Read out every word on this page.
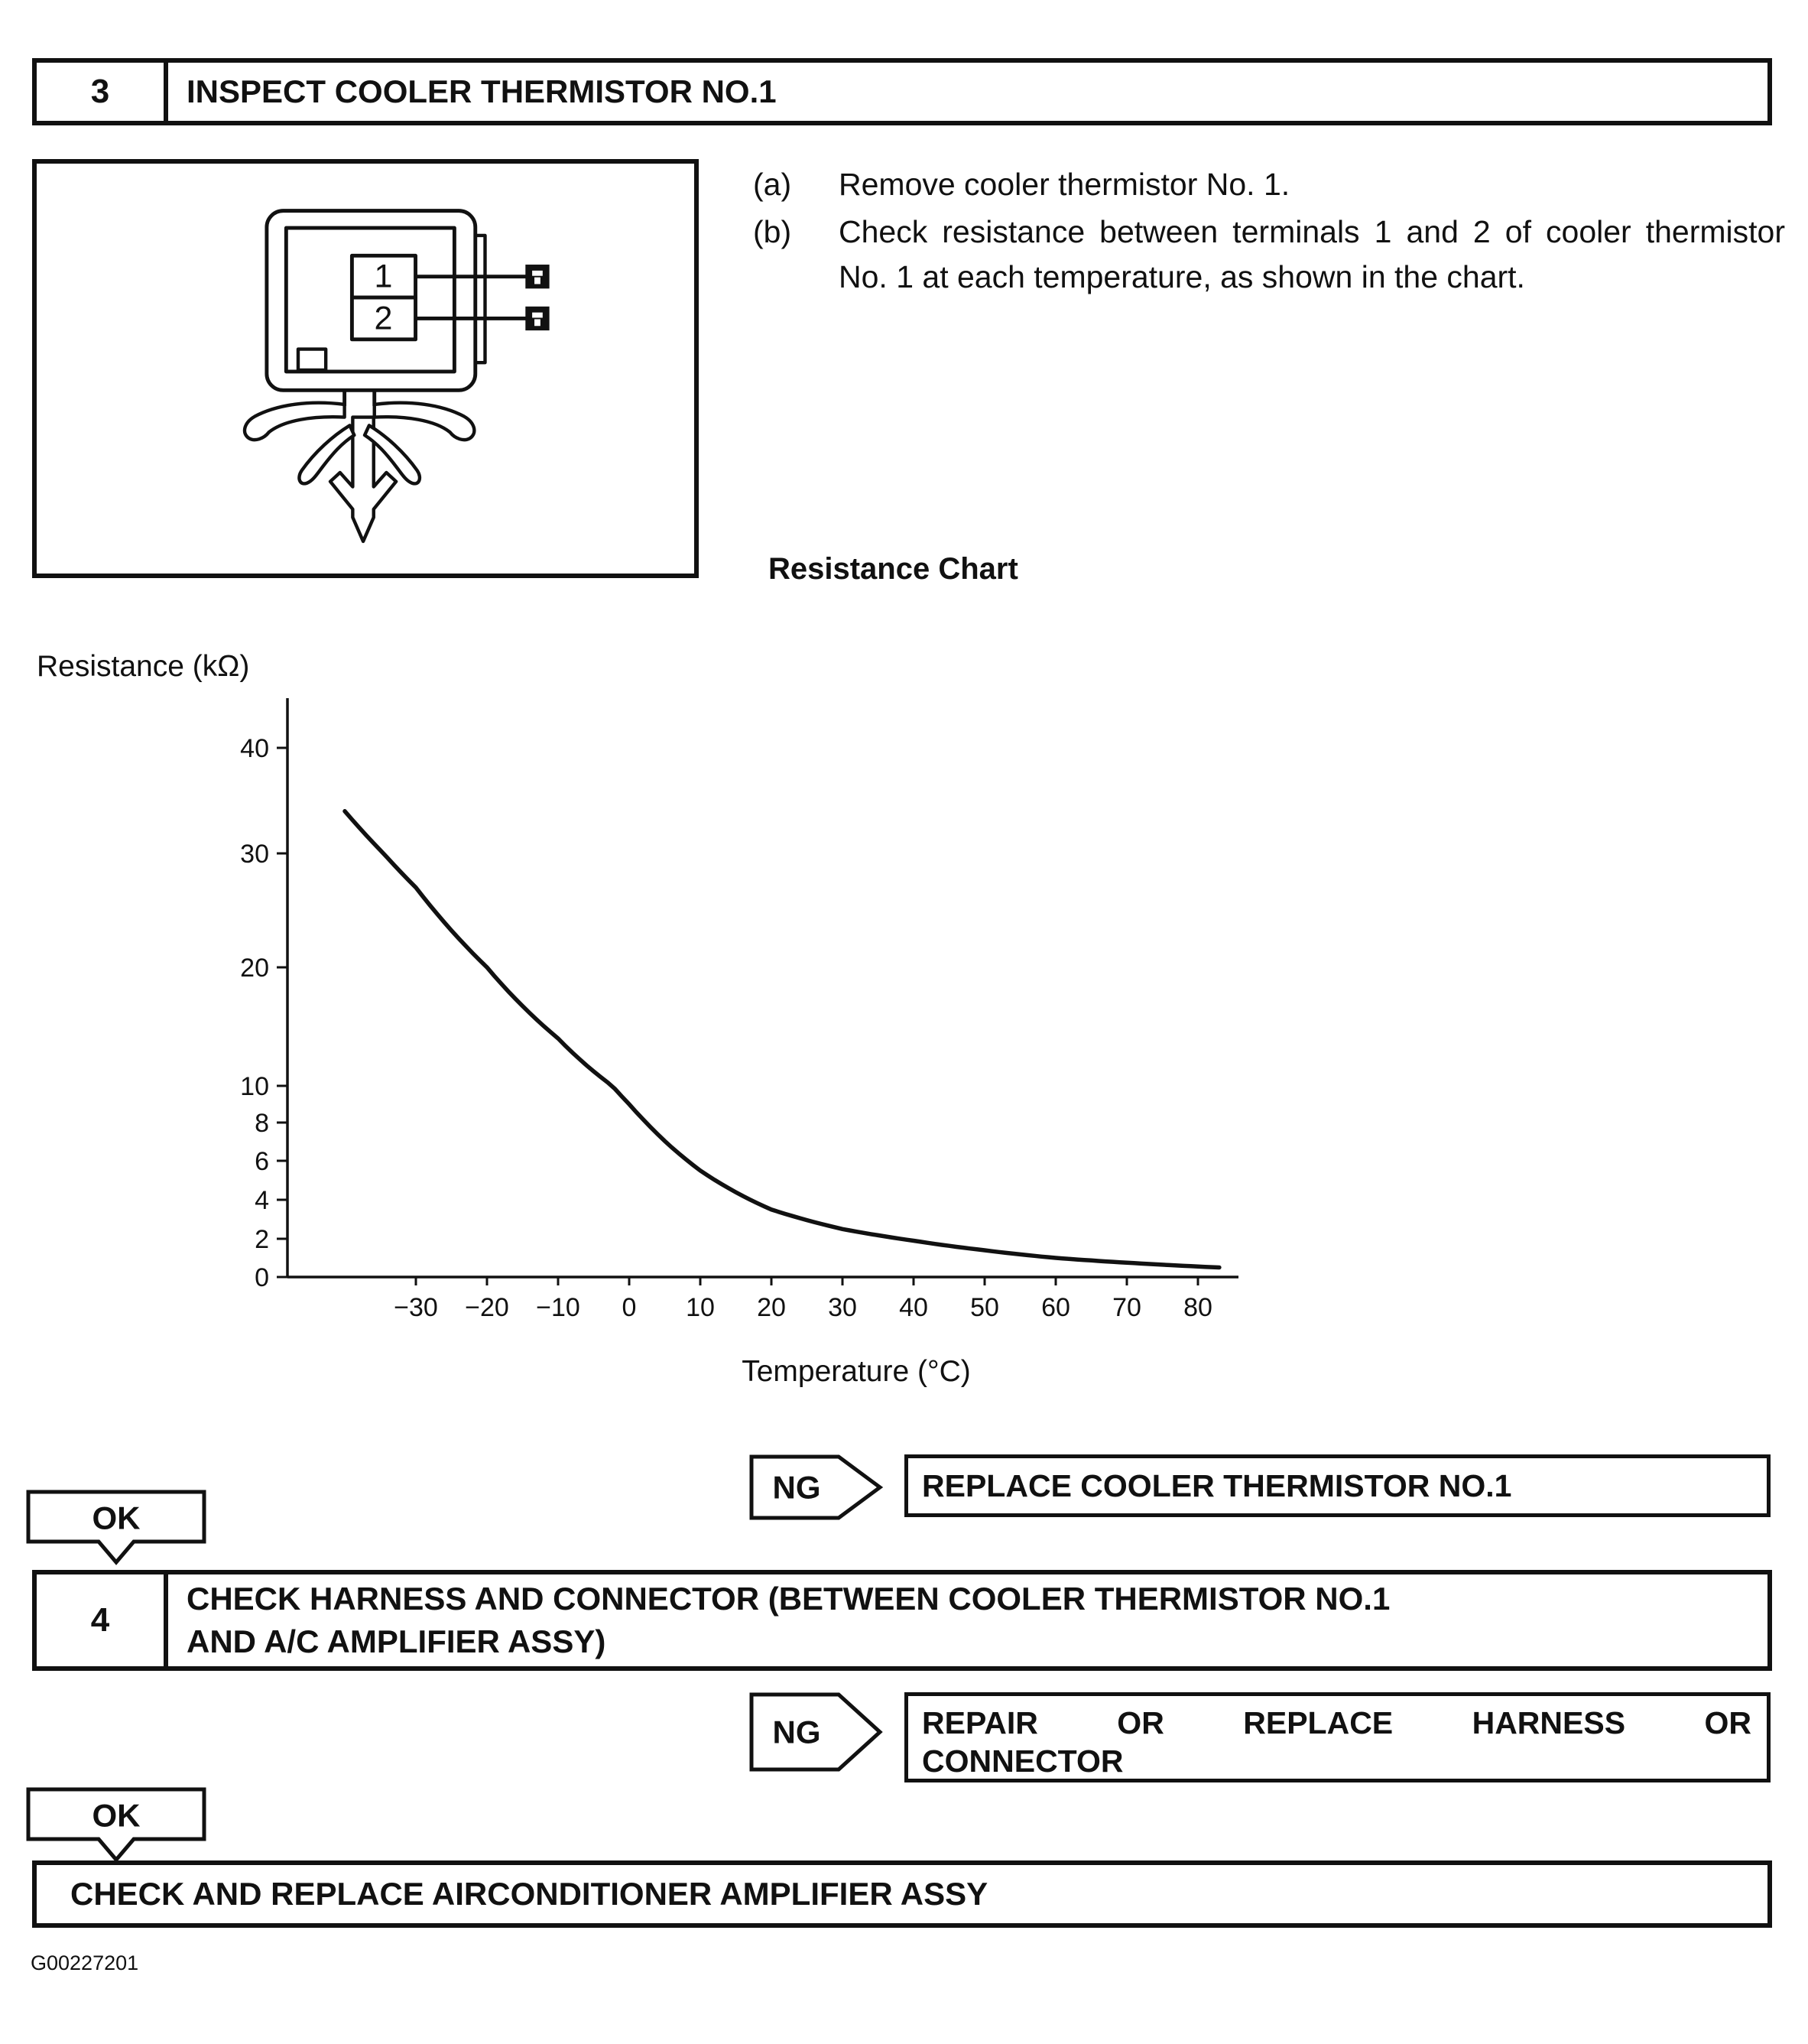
3	INSPECT COOLER THERMISTOR NO.1
1
2
(a)	Remove cooler thermistor No. 1.

(b)	Check resistance between terminals 1 and 2 of cooler thermistor No. 1 at each temperature, as shown in the chart.

Resistance Chart
Resistance (kΩ)
0
2
4
6
8
10
20
30
40
−30 −20 −10 0 10 20 30 40 50 60 70 80
Temperature (°C)
NG	REPLACE COOLER THERMISTOR NO.1
OK
4
CHECK HARNESS AND CONNECTOR (BETWEEN COOLER THERMISTOR NO.1
AND A/C AMPLIFIER ASSY)
NG	REPAIR OR REPLACE HARNESS OR
CONNECTOR
OK
CHECK AND REPLACE AIRCONDITIONER AMPLIFIER ASSY
G00227201
